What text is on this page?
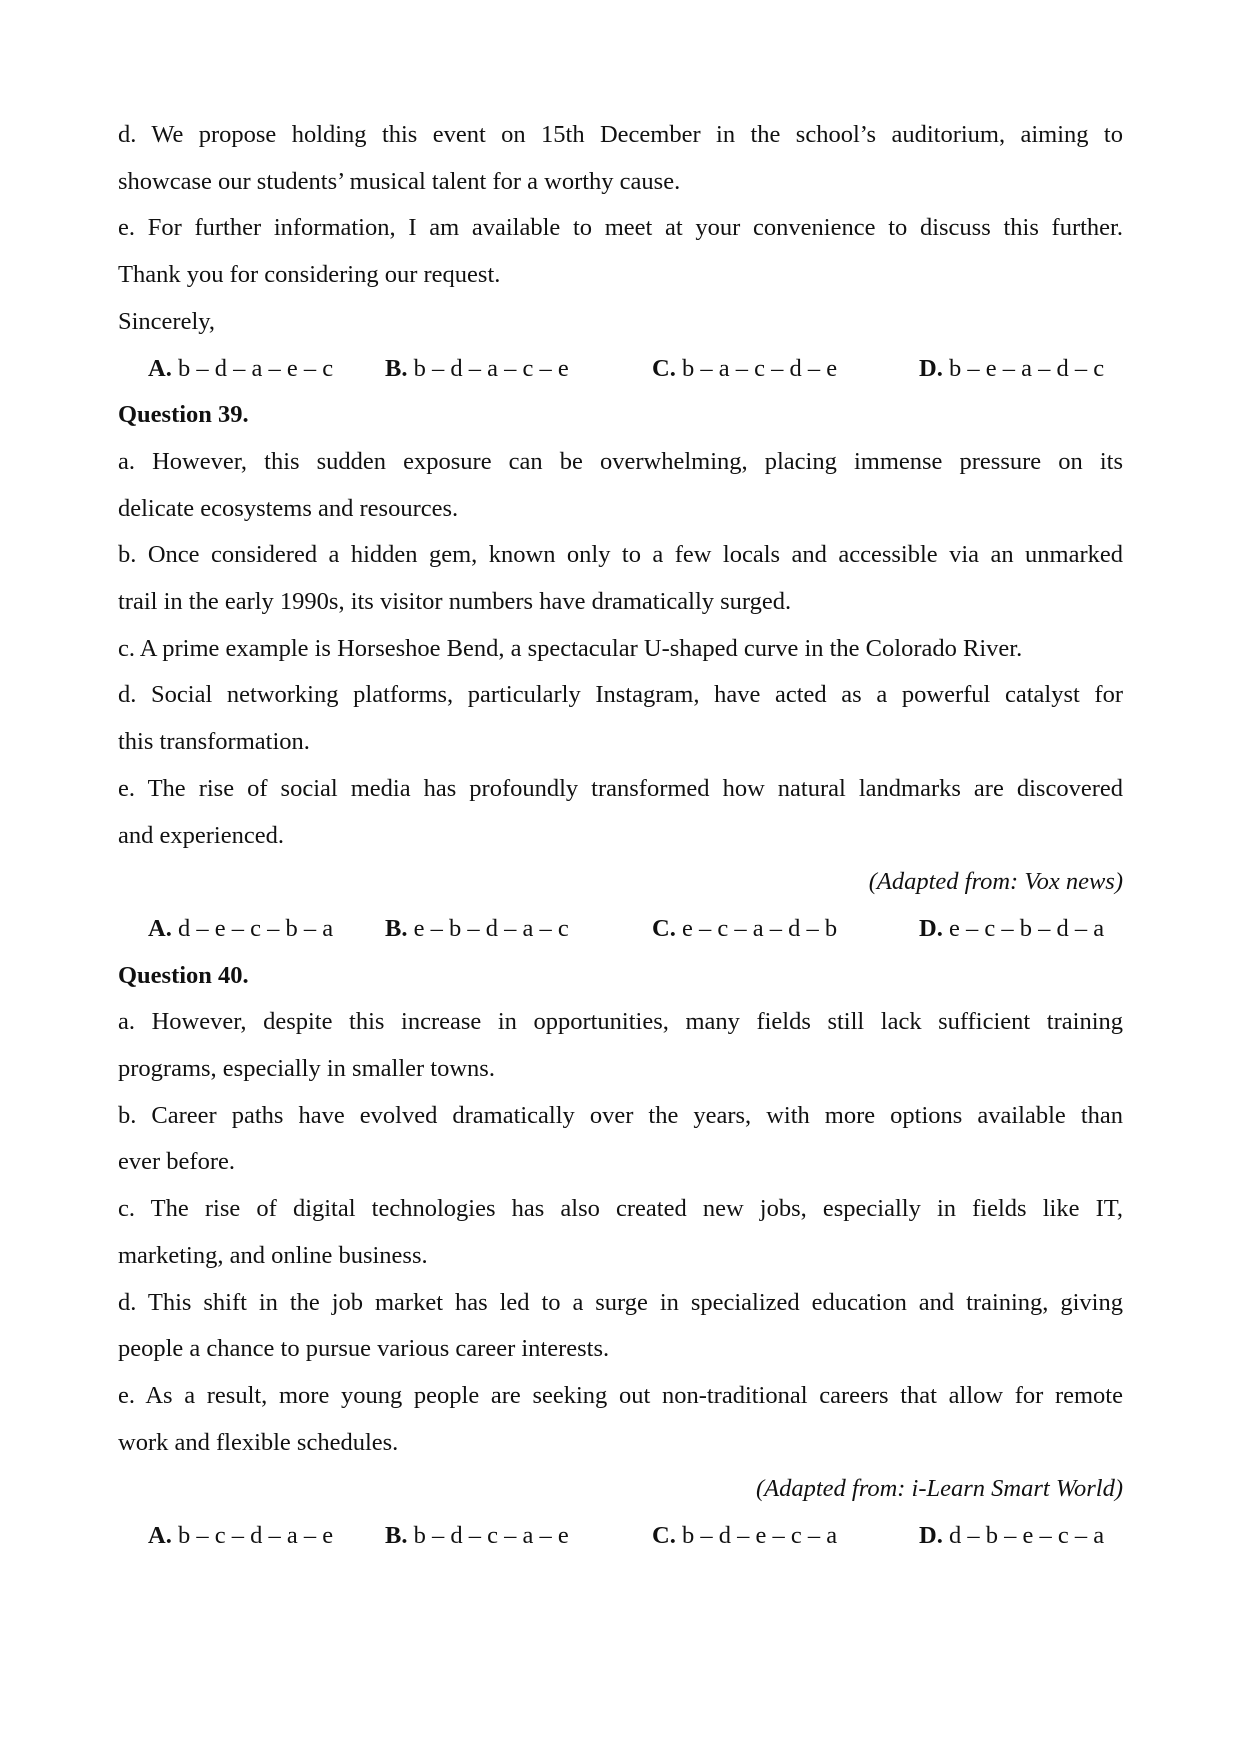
d. We propose holding this event on 15th December in the school’s auditorium, aiming to

showcase our students’ musical talent for a worthy cause.

e. For further information, I am available to meet at your convenience to discuss this further.

Thank you for considering our request.

Sincerely,

A. b – d – a – e – c B. b – d – a – c – e	C. b – a – c – d – e	D. b – e – a – d – c

Question 39.

a. However, this sudden exposure can be overwhelming, placing immense pressure on its

delicate ecosystems and resources.

b. Once considered a hidden gem, known only to a few locals and accessible via an unmarked

trail in the early 1990s, its visitor numbers have dramatically surged.

c. A prime example is Horseshoe Bend, a spectacular U-shaped curve in the Colorado River.

d. Social networking platforms, particularly Instagram, have acted as a powerful catalyst for

this transformation.

e. The rise of social media has profoundly transformed how natural landmarks are discovered

and experienced.

(Adapted from: Vox news)

A. d – e – c – b – a B. e – b – d – a – c	C. e – c – a – d – b	D. e – c – b – d – a

Question 40.

a. However, despite this increase in opportunities, many fields still lack sufficient training

programs, especially in smaller towns.

b. Career paths have evolved dramatically over the years, with more options available than

ever before.

c. The rise of digital technologies has also created new jobs, especially in fields like IT,

marketing, and online business.

d. This shift in the job market has led to a surge in specialized education and training, giving

people a chance to pursue various career interests.

e. As a result, more young people are seeking out non-traditional careers that allow for remote

work and flexible schedules.

(Adapted from: i-Learn Smart World)

A. b – c – d – a – e B. b – d – c – a – e	C. b – d – e – c – a	D. d – b – e – c – a
